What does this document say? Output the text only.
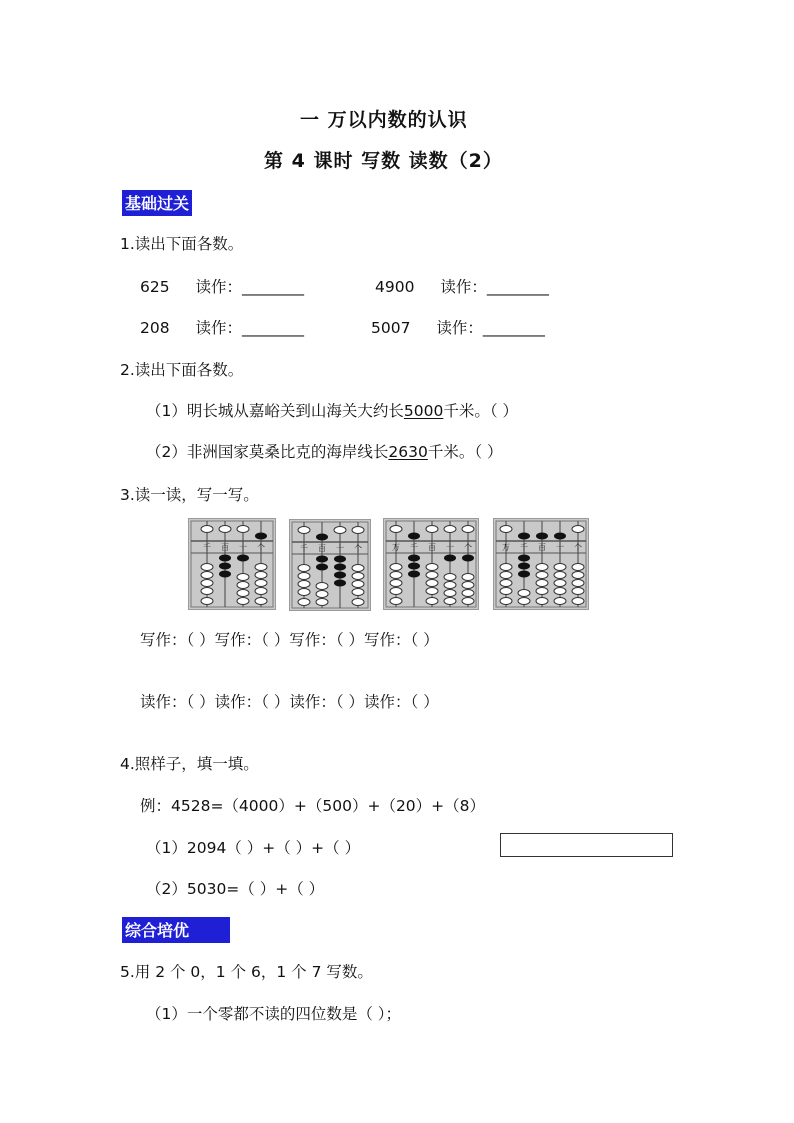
一 万以内数的认识
第 4 课时 写数 读数（2）
基础过关
1.读出下面各数。
625 读作：________	4900 读作：________
208 读作：________	5007 读作：________
2.读出下面各数。
（1）明长城从嘉峪关到山海关大约长5000千米。（ ）
（2）非洲国家莫桑比克的海岸线长2630千米。（ ）
3.读一读，写一写。
千 百 十 个	千 百 十 个	万 千 百 十 个	万 千 百 十 个
写作：（ ）写作：（ ）写作：（ ）写作：（ ）
读作：（ ）读作：（ ）读作：（ ）读作：（ ）
4.照样子，填一填。
例：4528=（4000）+（500）+（20）+（8）
（1）2094（ ）+（ ）+（ ）
（2）5030=（ ）+（ ）
综合培优
5.用 2 个 0，1 个 6，1 个 7 写数。
（1）一个零都不读的四位数是（ ）；
